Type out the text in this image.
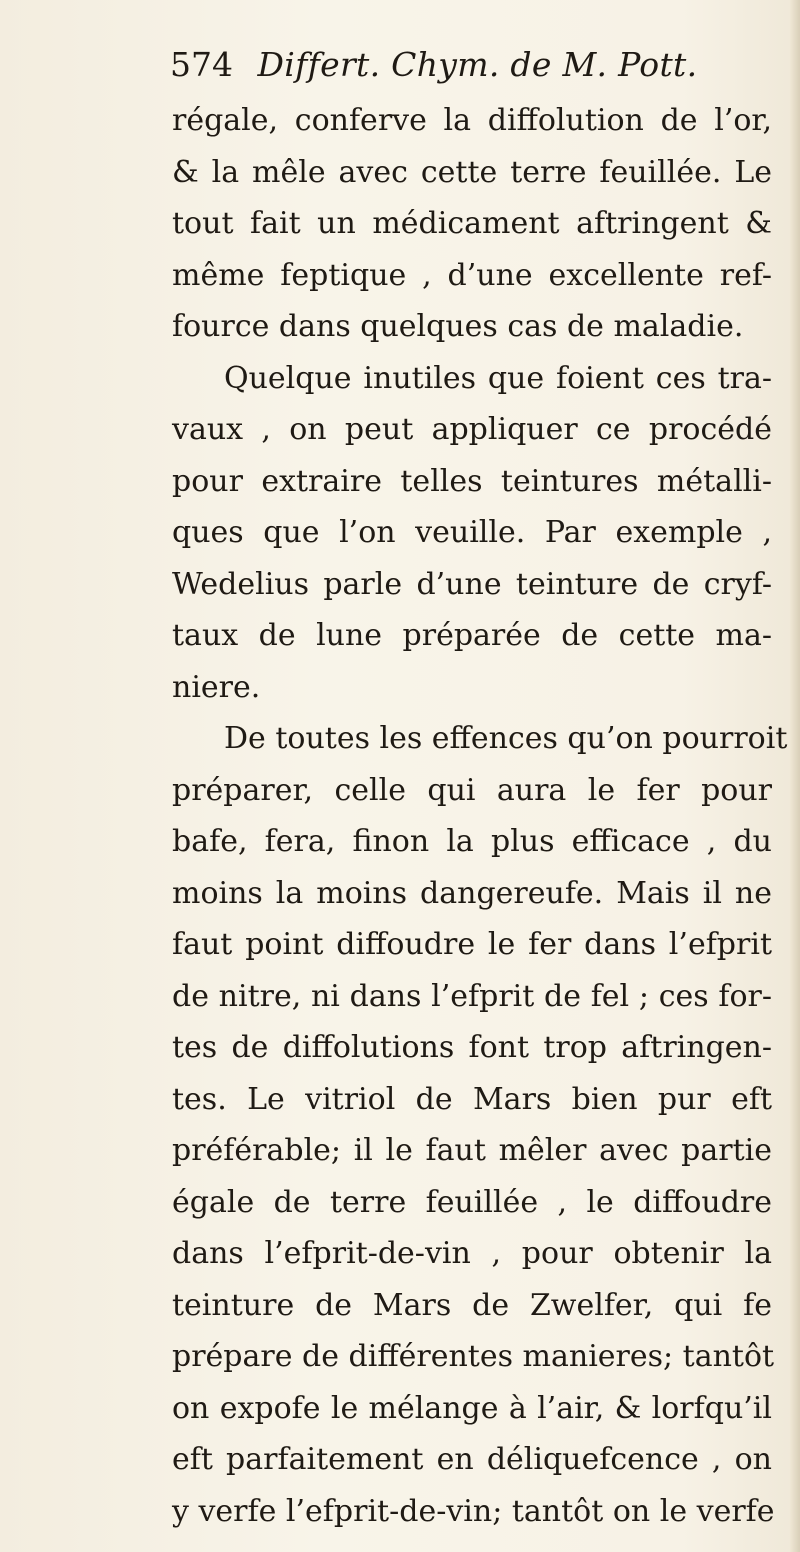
574 Differt. Chym. de M. Pott.
régale, conferve la diffolution de l’or,
& la mêle avec cette terre feuillée. Le
tout fait un médicament aftringent &
même feptique , d’une excellente ref-
fource dans quelques cas de maladie.
Quelque inutiles que foient ces tra-
vaux , on peut appliquer ce procédé
pour extraire telles teintures métalli-
ques que l’on veuille. Par exemple ,
Wedelius parle d’une teinture de cryf-
taux de lune préparée de cette ma-
niere.
De toutes les effences qu’on pourroit
préparer, celle qui aura le fer pour
bafe, fera, finon la plus efficace , du
moins la moins dangereufe. Mais il ne
faut point diffoudre le fer dans l’efprit
de nitre, ni dans l’efprit de fel ; ces for-
tes de diffolutions font trop aftringen-
tes. Le vitriol de Mars bien pur eft
préférable; il le faut mêler avec partie
égale de terre feuillée , le diffoudre
dans l’efprit-de-vin , pour obtenir la
teinture de Mars de Zwelfer, qui fe
prépare de différentes manieres; tantôt
on expofe le mélange à l’air, & lorfqu’il
eft parfaitement en déliquefcence , on
y verfe l’efprit-de-vin; tantôt on le verfe
